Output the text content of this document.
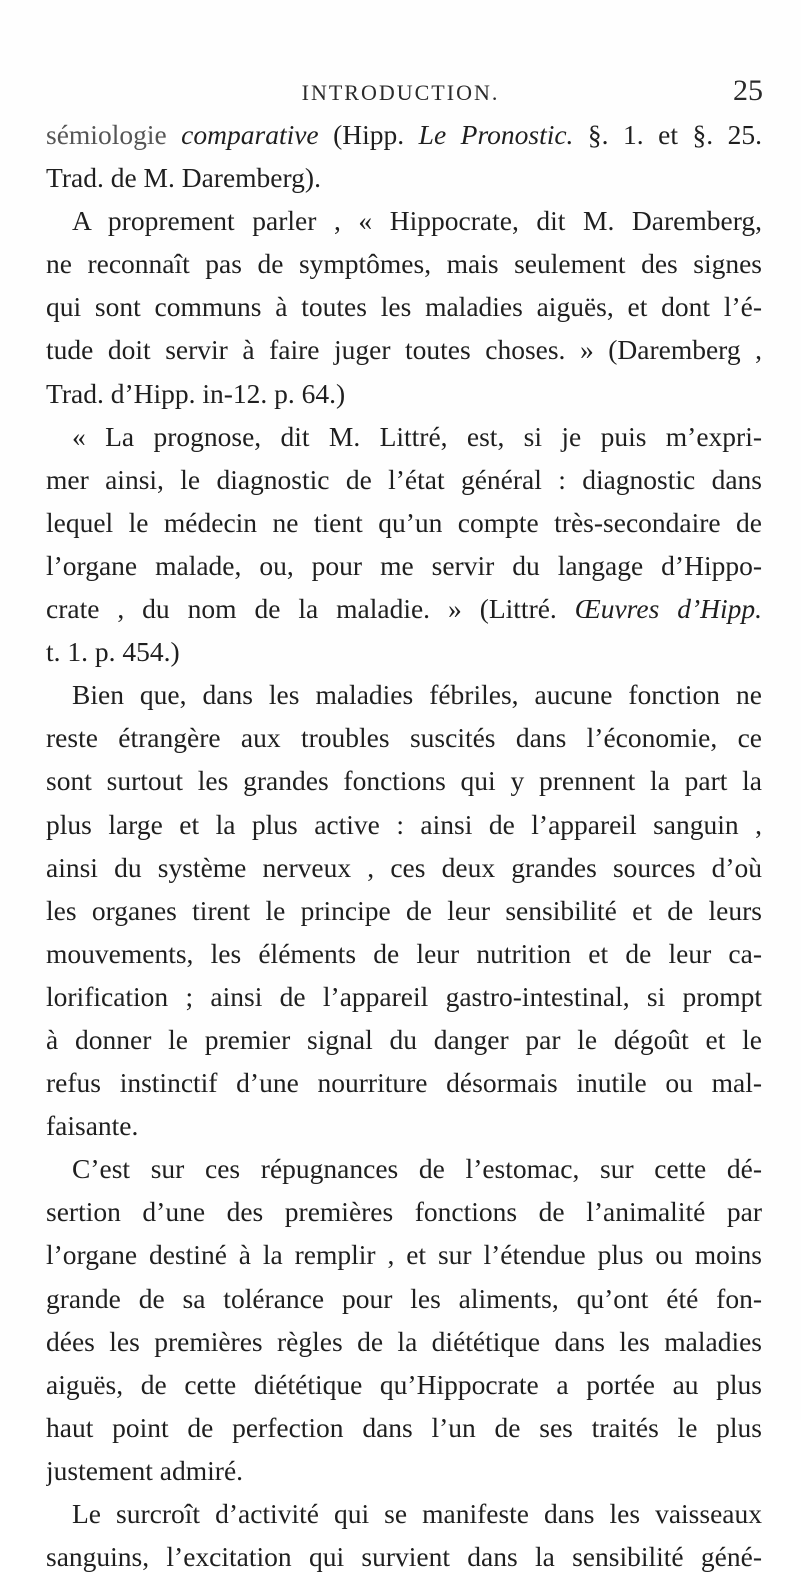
INTRODUCTION.	25
sémiologie comparative (Hipp. Le Pronostic. §. 1. et §. 25.
Trad. de M. Daremberg).
A proprement parler , « Hippocrate, dit M. Daremberg,
ne reconnaît pas de symptômes, mais seulement des signes
qui sont communs à toutes les maladies aiguës, et dont l’é-
tude doit servir à faire juger toutes choses. » (Daremberg ,
Trad. d’Hipp. in-12. p. 64.)
« La prognose, dit M. Littré, est, si je puis m’expri-
mer ainsi, le diagnostic de l’état général : diagnostic dans
lequel le médecin ne tient qu’un compte très-secondaire de
l’organe malade, ou, pour me servir du langage d’Hippo-
crate , du nom de la maladie. » (Littré. Œuvres d’Hipp.
t. 1. p. 454.)
Bien que, dans les maladies fébriles, aucune fonction ne
reste étrangère aux troubles suscités dans l’économie, ce
sont surtout les grandes fonctions qui y prennent la part la
plus large et la plus active : ainsi de l’appareil sanguin ,
ainsi du système nerveux , ces deux grandes sources d’où
les organes tirent le principe de leur sensibilité et de leurs
mouvements, les éléments de leur nutrition et de leur ca-
lorification ; ainsi de l’appareil gastro-intestinal, si prompt
à donner le premier signal du danger par le dégoût et le
refus instinctif d’une nourriture désormais inutile ou mal-
faisante.
C’est sur ces répugnances de l’estomac, sur cette dé-
sertion d’une des premières fonctions de l’animalité par
l’organe destiné à la remplir , et sur l’étendue plus ou moins
grande de sa tolérance pour les aliments, qu’ont été fon-
dées les premières règles de la diététique dans les maladies
aiguës, de cette diététique qu’Hippocrate a portée au plus
haut point de perfection dans l’un de ses traités le plus
justement admiré.
Le surcroît d’activité qui se manifeste dans les vaisseaux
sanguins, l’excitation qui survient dans la sensibilité géné-
